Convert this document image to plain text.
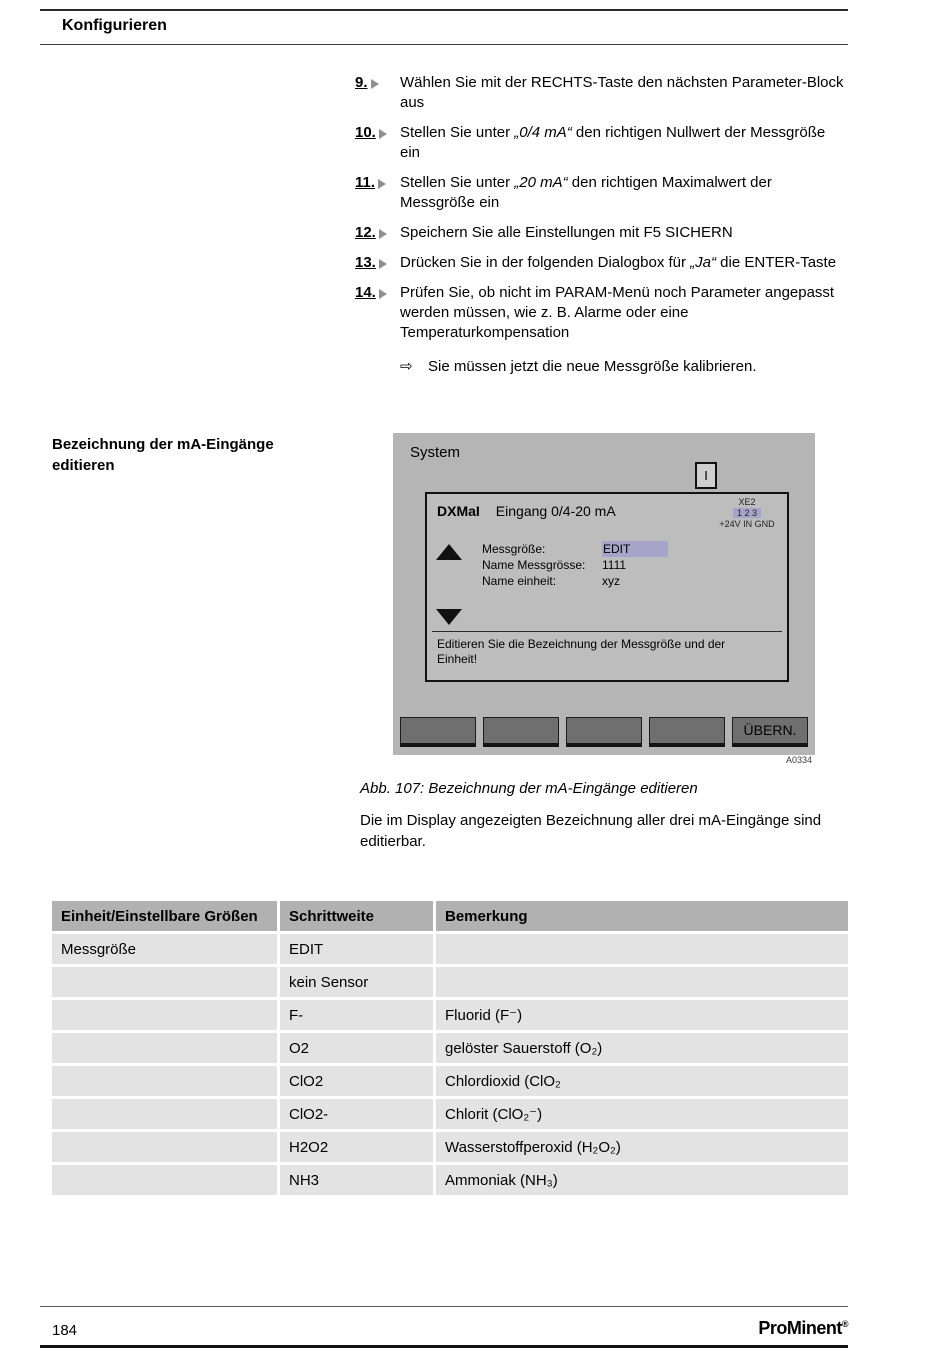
Konfigurieren
9.	Wählen Sie mit der RECHTS-Taste den nächsten Parameter-Block aus
10.	Stellen Sie unter „0/4 mA“ den richtigen Nullwert der Messgröße ein
11.	Stellen Sie unter „20 mA“ den richtigen Maximalwert der Messgröße ein
12.	Speichern Sie alle Einstellungen mit F5 SICHERN
13.	Drücken Sie in der folgenden Dialogbox für „Ja“ die ENTER-Taste
14.	Prüfen Sie, ob nicht im PARAM-Menü noch Parameter angepasst werden müssen, wie z. B. Alarme oder eine Temperaturkompensation
⇨	Sie müssen jetzt die neue Messgröße kalibrieren.
Bezeichnung der mA-Eingänge editieren
System
I
DXMaI Eingang 0/4-20 mA
XE2
1 2 3
+24V IN GND
Messgröße:	EDIT
Name Messgrösse:	1111
Name einheit:	xyz
Editieren Sie die Bezeichnung der Messgröße und der Einheit!
ÜBERN.
A0334
Abb. 107: Bezeichnung der mA-Eingänge editieren
Die im Display angezeigten Bezeichnung aller drei mA-Eingänge sind editierbar.
Einheit/Einstellbare Größen	Schrittweite	Bemerkung
Messgröße	EDIT	
	kein Sensor	
	F-	Fluorid (F⁻)
	O2	gelöster Sauerstoff (O₂)
	ClO2	Chlordioxid (ClO₂
	ClO2-	Chlorit (ClO₂⁻)
	H2O2	Wasserstoffperoxid (H₂O₂)
	NH3	Ammoniak (NH₃)
184	ProMinent®
